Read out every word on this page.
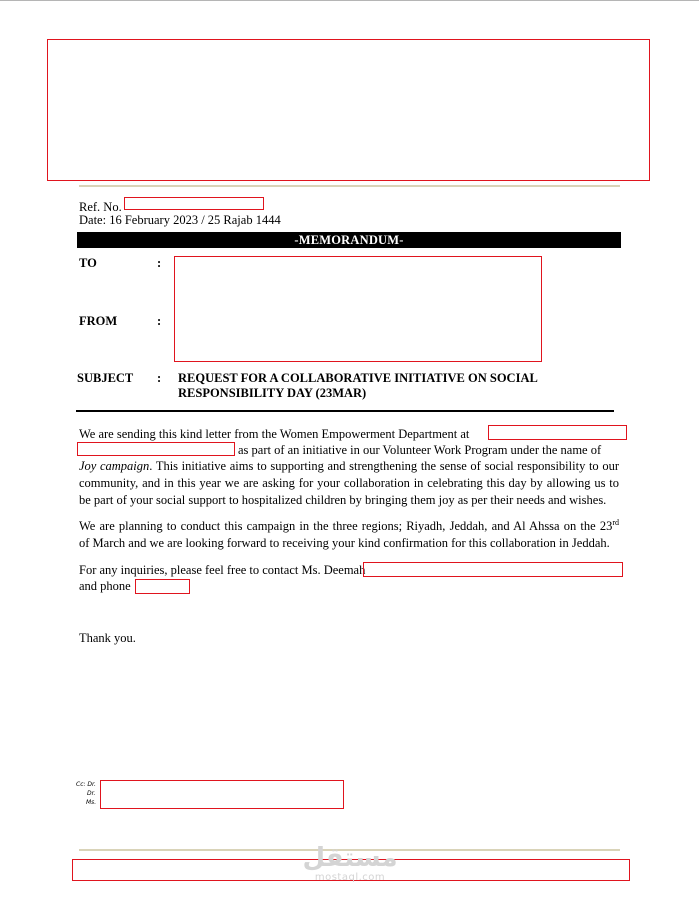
Ref. No.
Date: 16 February 2023 / 25 Rajab 1444
-MEMORANDUM-
TO	:
FROM	:
SUBJECT : REQUEST FOR A COLLABORATIVE INITIATIVE ON SOCIAL
RESPONSIBILITY DAY (23MAR)
We are sending this kind letter from the Women Empowerment Department at
as part of an initiative in our Volunteer Work Program under the name of
Joy campaign. This initiative aims to supporting and strengthening the sense of social responsibility to our
community, and in this year we are asking for your collaboration in celebrating this day by allowing us to
be part of your social support to hospitalized children by bringing them joy as per their needs and wishes.
We are planning to conduct this campaign in the three regions; Riyadh, Jeddah, and Al Ahssa on the 23rd
of March and we are looking forward to receiving your kind confirmation for this collaboration in Jeddah.
For any inquiries, please feel free to contact Ms. Deemah
and phone
Thank you.
Cc: Dr.
Dr.
Ms.
مستقل
mostaql.com
